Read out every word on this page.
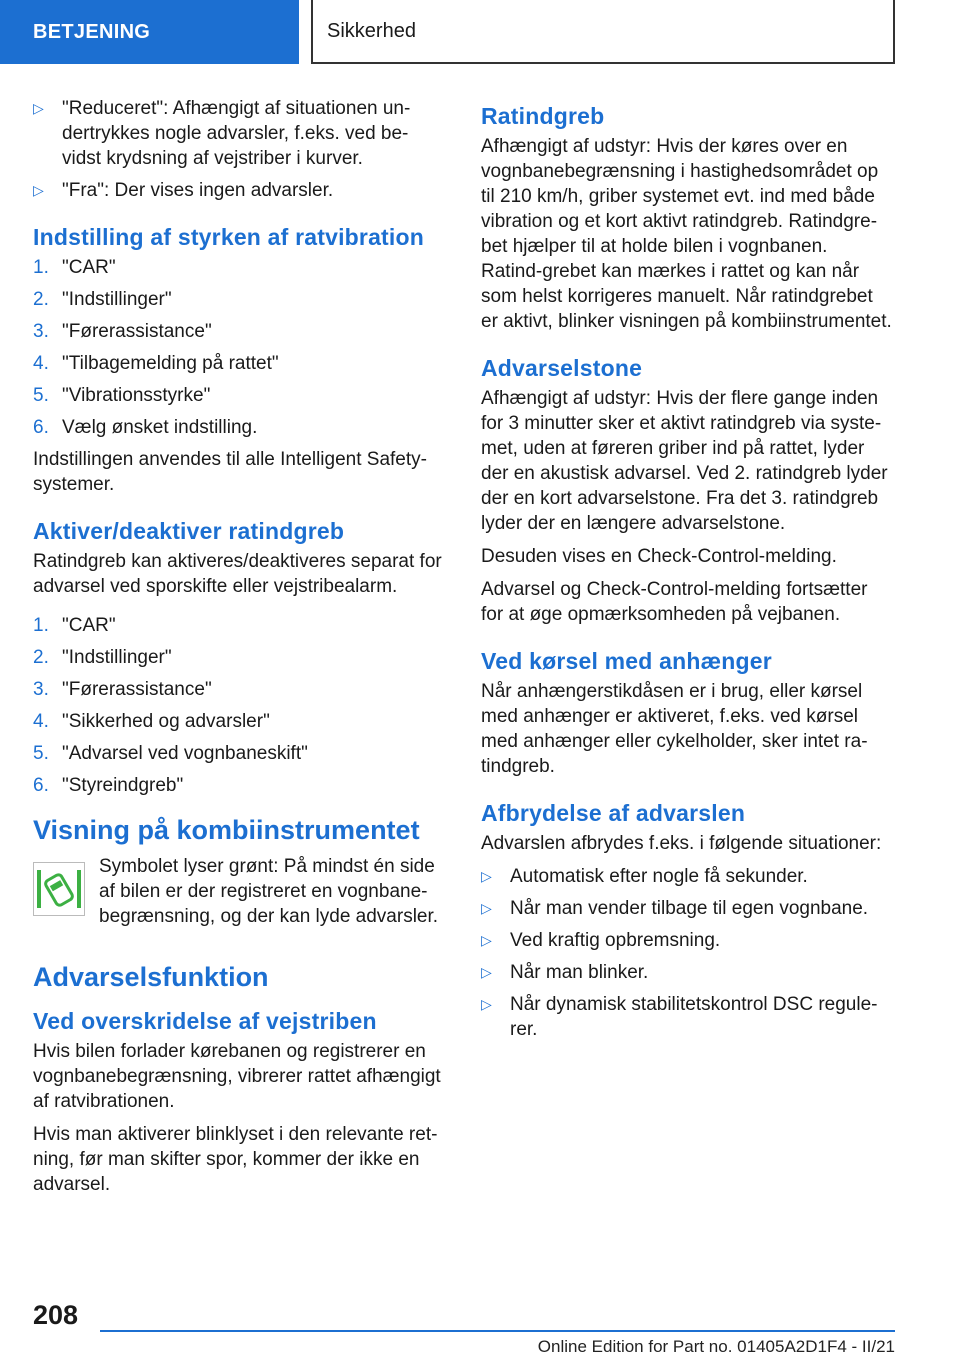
BETJENING	Sikkerhed
▷ "Reduceret": Afhængigt af situationen un-dertrykkes nogle advarsler, f.eks. ved be-vidst krydsning af vejstriber i kurver.
▷ "Fra": Der vises ingen advarsler.
Indstilling af styrken af ratvibration
1. "CAR"
2. "Indstillinger"
3. "Førerassistance"
4. "Tilbagemelding på rattet"
5. "Vibrationsstyrke"
6. Vælg ønsket indstilling.

Indstillingen anvendes til alle Intelligent Safety-systemer.

Aktiver/deaktiver ratindgreb

Ratindgreb kan aktiveres/deaktiveres separat for advarsel ved sporskifte eller vejstribealarm.

1. "CAR"
2. "Indstillinger"
3. "Førerassistance"
4. "Sikkerhed og advarsler"
5. "Advarsel ved vognbaneskift"
6. "Styreindgreb"
Visning på kombiinstrumentet
Symbolet lyser grønt: På mindst én side af bilen er der registreret en vognbane-begrænsning, og der kan lyde advarsler.
Advarselsfunktion
Ved overskridelse af vejstriben

Hvis bilen forlader kørebanen og registrerer en vognbanebegrænsning, vibrerer rattet afhængigt af ratvibrationen.

Hvis man aktiverer blinklyset i den relevante ret-ning, før man skifter spor, kommer der ikke en advarsel.

Ratindgreb

Afhængigt af udstyr: Hvis der køres over en vognbanebegrænsning i hastighedsområdet op til 210 km/h, griber systemet evt. ind med både vibration og et kort aktivt ratindgreb. Ratindgre-bet hjælper til at holde bilen i vognbanen. Ratind-grebet kan mærkes i rattet og kan når som helst korrigeres manuelt. Når ratindgrebet er aktivt, blinker visningen på kombiinstrumentet.

Advarselstone

Afhængigt af udstyr: Hvis der flere gange inden for 3 minutter sker et aktivt ratindgreb via syste-met, uden at føreren griber ind på rattet, lyder der en akustisk advarsel. Ved 2. ratindgreb lyder der en kort advarselstone. Fra det 3. ratindgreb lyder der en længere advarselstone.

Desuden vises en Check-Control-melding.

Advarsel og Check-Control-melding fortsætter for at øge opmærksomheden på vejbanen.

Ved kørsel med anhænger

Når anhængerstikdåsen er i brug, eller kørsel med anhænger er aktiveret, f.eks. ved kørsel med anhænger eller cykelholder, sker intet ra-tindgreb.

Afbrydelse af advarslen

Advarslen afbrydes f.eks. i følgende situationer:

▷ Automatisk efter nogle få sekunder.
▷ Når man vender tilbage til egen vognbane.
▷ Ved kraftig opbremsning.
▷ Når man blinker.
▷ Når dynamisk stabilitetskontrol DSC regule-rer.
208
Online Edition for Part no. 01405A2D1F4 - II/21
